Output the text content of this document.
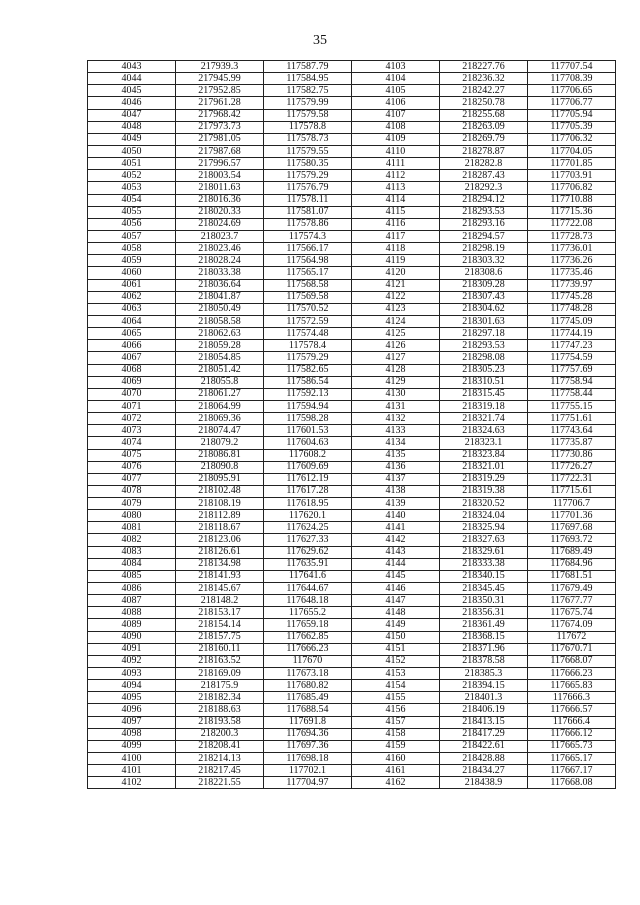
35
4043	217939.3	117587.79	4103	218227.76	117707.54
4044	217945.99	117584.95	4104	218236.32	117708.39
4045	217952.85	117582.75	4105	218242.27	117706.65
4046	217961.28	117579.99	4106	218250.78	117706.77
4047	217968.42	117579.58	4107	218255.68	117705.94
4048	217973.73	117578.8	4108	218263.09	117705.39
4049	217981.05	117578.73	4109	218269.79	117706.32
4050	217987.68	117579.55	4110	218278.87	117704.05
4051	217996.57	117580.35	4111	218282.8	117701.85
4052	218003.54	117579.29	4112	218287.43	117703.91
4053	218011.63	117576.79	4113	218292.3	117706.82
4054	218016.36	117578.11	4114	218294.12	117710.88
4055	218020.33	117581.07	4115	218293.53	117715.36
4056	218024.69	117578.86	4116	218293.16	117722.08
4057	218023.7	117574.3	4117	218294.57	117728.73
4058	218023.46	117566.17	4118	218298.19	117736.01
4059	218028.24	117564.98	4119	218303.32	117736.26
4060	218033.38	117565.17	4120	218308.6	117735.46
4061	218036.64	117568.58	4121	218309.28	117739.97
4062	218041.87	117569.58	4122	218307.43	117745.28
4063	218050.49	117570.52	4123	218304.62	117748.28
4064	218058.58	117572.59	4124	218301.63	117745.09
4065	218062.63	117574.48	4125	218297.18	117744.19
4066	218059.28	117578.4	4126	218293.53	117747.23
4067	218054.85	117579.29	4127	218298.08	117754.59
4068	218051.42	117582.65	4128	218305.23	117757.69
4069	218055.8	117586.54	4129	218310.51	117758.94
4070	218061.27	117592.13	4130	218315.45	117758.44
4071	218064.99	117594.94	4131	218319.18	117755.15
4072	218069.36	117598.28	4132	218321.74	117751.61
4073	218074.47	117601.53	4133	218324.63	117743.64
4074	218079.2	117604.63	4134	218323.1	117735.87
4075	218086.81	117608.2	4135	218323.84	117730.86
4076	218090.8	117609.69	4136	218321.01	117726.27
4077	218095.91	117612.19	4137	218319.29	117722.31
4078	218102.48	117617.28	4138	218319.38	117715.61
4079	218108.19	117618.95	4139	218320.52	117706.7
4080	218112.89	117620.1	4140	218324.04	117701.36
4081	218118.67	117624.25	4141	218325.94	117697.68
4082	218123.06	117627.33	4142	218327.63	117693.72
4083	218126.61	117629.62	4143	218329.61	117689.49
4084	218134.98	117635.91	4144	218333.38	117684.96
4085	218141.93	117641.6	4145	218340.15	117681.51
4086	218145.67	117644.67	4146	218345.45	117679.49
4087	218148.2	117648.18	4147	218350.31	117677.77
4088	218153.17	117655.2	4148	218356.31	117675.74
4089	218154.14	117659.18	4149	218361.49	117674.09
4090	218157.75	117662.85	4150	218368.15	117672
4091	218160.11	117666.23	4151	218371.96	117670.71
4092	218163.52	117670	4152	218378.58	117668.07
4093	218169.09	117673.18	4153	218385.3	117666.23
4094	218175.9	117680.82	4154	218394.15	117665.83
4095	218182.34	117685.49	4155	218401.3	117666.3
4096	218188.63	117688.54	4156	218406.19	117666.57
4097	218193.58	117691.8	4157	218413.15	117666.4
4098	218200.3	117694.36	4158	218417.29	117666.12
4099	218208.41	117697.36	4159	218422.61	117665.73
4100	218214.13	117698.18	4160	218428.88	117665.17
4101	218217.45	117702.1	4161	218434.27	117667.17
4102	218221.55	117704.97	4162	218438.9	117668.08
